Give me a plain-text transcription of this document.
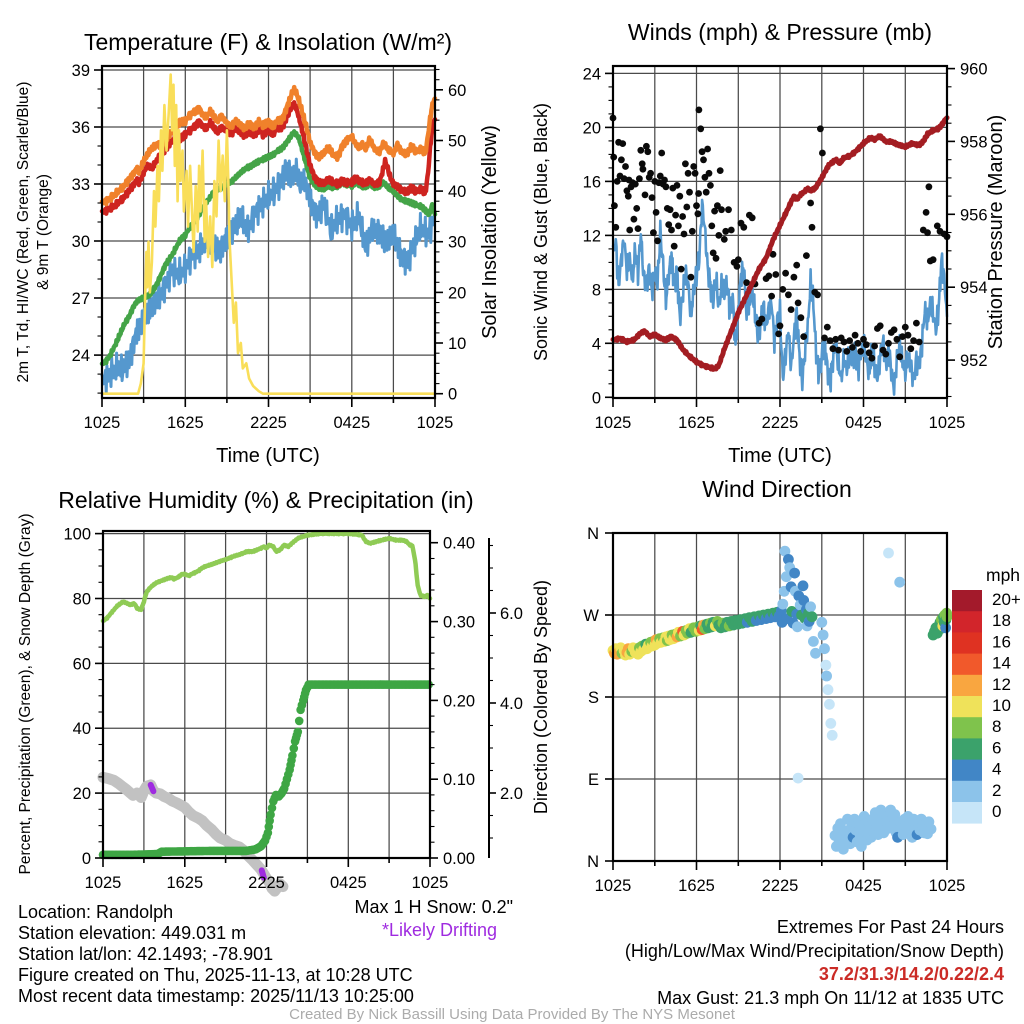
1025	1625	2225	0425	1025
24
27
30
33
36
39
0
10
20
30
40
50
60
Temperature (F) & Insolation (W/m²)
Time (UTC)
2m T, Td, HI/WC (Red, Green, Scarlet/Blue) & 9m T (Orange)	Solar Insolation (Yellow)
1025	1625	2225	0425	1025
0
4
8
12
16
20
24
952
954
956
958
960
Winds (mph) & Pressure (mb)
Time (UTC)
Sonic Wind & Gust (Blue, Black)	Station Pressure (Maroon)
1025	1625	2225	0425	1025
0
20
40
60
80
100
0.00
0.10
0.20
0.30
0.40
2.0
4.0
6.0
Relative Humidity (%) & Precipitation (in)
Percent, Precipitation (Green), & Snow Depth (Gray)
1025	1625	2225	0425	1025
N
W
S
E
N
20+
18
16
14
12
10
8
6
4
2
0
mph
Wind Direction
Direction (Colored By Speed)
Location: Randolph
Station elevation: 449.031 m
Station lat/lon: 42.1493; -78.901
Figure created on Thu, 2025-11-13, at 10:28 UTC
Most recent data timestamp: 2025/11/13 10:25:00
Max 1 H Snow: 0.2"
*Likely Drifting	Extremes For Past 24 Hours
(High/Low/Max Wind/Precipitation/Snow Depth)
37.2/31.3/14.2/0.22/2.4
Max Gust: 21.3 mph On 11/12 at 1835 UTC
Created By Nick Bassill Using Data Provided By The NYS Mesonet
